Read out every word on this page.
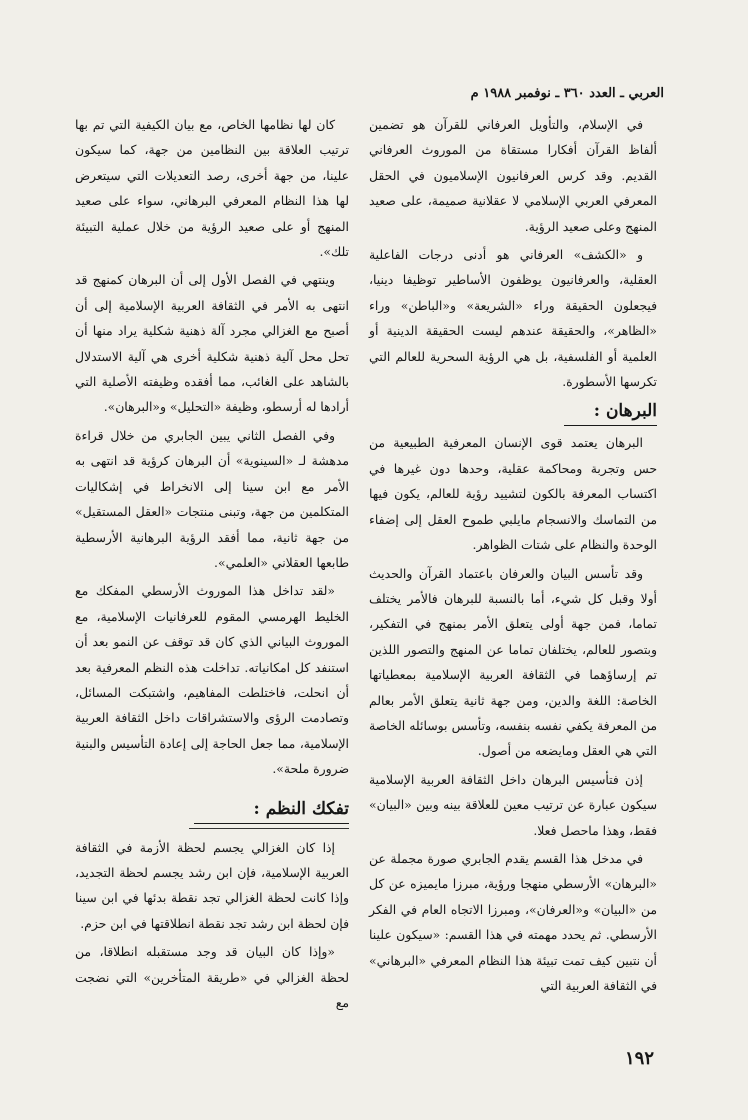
العربي ـ العدد ٣٦٠ ـ نوفمبر ١٩٨٨ م

في الإسلام، والتأويل العرفاني للقرآن هو تضمين ألفاظ القرآن أفكارا مستقاة من الموروث العرفاني القديم. وقد كرس العرفانيون الإسلاميون في الحقل المعرفي العربي الإسلامي لا عقلانية صميمة، على صعيد المنهج وعلى صعيد الرؤية.

و «الكشف» العرفاني هو أدنى درجات الفاعلية العقلية، والعرفانيون يوظفون الأساطير توظيفا دينيا، فيجعلون الحقيقة وراء «الشريعة» و«الباطن» وراء «الظاهر»، والحقيقة عندهم ليست الحقيقة الدينية أو العلمية أو الفلسفية، بل هي الرؤية السحرية للعالم التي تكرسها الأسطورة.

البرهان :

البرهان يعتمد قوى الإنسان المعرفية الطبيعية من حس وتجربة ومحاكمة عقلية، وحدها دون غيرها في اكتساب المعرفة بالكون لتشييد رؤية للعالم، يكون فيها من التماسك والانسجام مايلبي طموح العقل إلى إضفاء الوحدة والنظام على شتات الظواهر.

وقد تأسس البيان والعرفان باعتماد القرآن والحديث أولا وقبل كل شيء، أما بالنسبة للبرهان فالأمر يختلف تماما، فمن جهة أولى يتعلق الأمر بمنهج في التفكير، وبتصور للعالم، يختلفان تماما عن المنهج والتصور اللذين تم إرساؤهما في الثقافة العربية الإسلامية بمعطياتها الخاصة: اللغة والدين، ومن جهة ثانية يتعلق الأمر بعالم من المعرفة يكفي نفسه بنفسه، وتأسس بوسائله الخاصة التي هي العقل ومايضعه من أصول.

إذن فتأسيس البرهان داخل الثقافة العربية الإسلامية سيكون عبارة عن ترتيب معين للعلاقة بينه وبين «البيان» فقط، وهذا ماحصل فعلا.

في مدخل هذا القسم يقدم الجابري صورة مجملة عن «البرهان» الأرسطي منهجا ورؤية، مبرزا مايميزه عن كل من «البيان» و«العرفان»، ومبرزا الاتجاه العام في الفكر الأرسطي. ثم يحدد مهمته في هذا القسم: «سيكون علينا أن نتبين كيف تمت تبيئة هذا النظام المعرفي «البرهاني» في الثقافة العربية التي

كان لها نظامها الخاص، مع بيان الكيفية التي تم بها ترتيب العلاقة بين النظامين من جهة، كما سيكون علينا، من جهة أخرى، رصد التعديلات التي سيتعرض لها هذا النظام المعرفي البرهاني، سواء على صعيد المنهج أو على صعيد الرؤية من خلال عملية التبيئة تلك».

وينتهي في الفصل الأول إلى أن البرهان كمنهج قد انتهى به الأمر في الثقافة العربية الإسلامية إلى أن أصبح مع الغزالي مجرد آلة ذهنية شكلية يراد منها أن تحل محل آلية ذهنية شكلية أخرى هي آلية الاستدلال بالشاهد على الغائب، مما أفقده وظيفته الأصلية التي أرادها له أرسطو، وظيفة «التحليل» و«البرهان».

وفي الفصل الثاني يبين الجابري من خلال قراءة مدهشة لـ «السينوية» أن البرهان كرؤية قد انتهى به الأمر مع ابن سينا إلى الانخراط في إشكاليات المتكلمين من جهة، وتبنى منتجات «العقل المستقيل» من جهة ثانية، مما أفقد الرؤية البرهانية الأرسطية طابعها العقلاني «العلمي».

«لقد تداخل هذا الموروث الأرسطي المفكك مع الخليط الهرمسي المقوم للعرفانيات الإسلامية، مع الموروث البياني الذي كان قد توقف عن النمو بعد أن استنفد كل امكانياته. تداخلت هذه النظم المعرفية بعد أن انحلت، فاختلطت المفاهيم، واشتبكت المسائل، وتصادمت الرؤى والاستشراقات داخل الثقافة العربية الإسلامية، مما جعل الحاجة إلى إعادة التأسيس والبنية ضرورة ملحة».

تفكك النظم :

إذا كان الغزالي يجسم لحظة الأزمة في الثقافة العربية الإسلامية، فإن ابن رشد يجسم لحظة التجديد، وإذا كانت لحظة الغزالي تجد نقطة بدئها في ابن سينا فإن لحظة ابن رشد تجد نقطة انطلاقتها في ابن حزم.

«وإذا كان البيان قد وجد مستقبله انطلاقا، من لحظة الغزالي في «طريقة المتأخرين» التي نضجت مع

١٩٢
